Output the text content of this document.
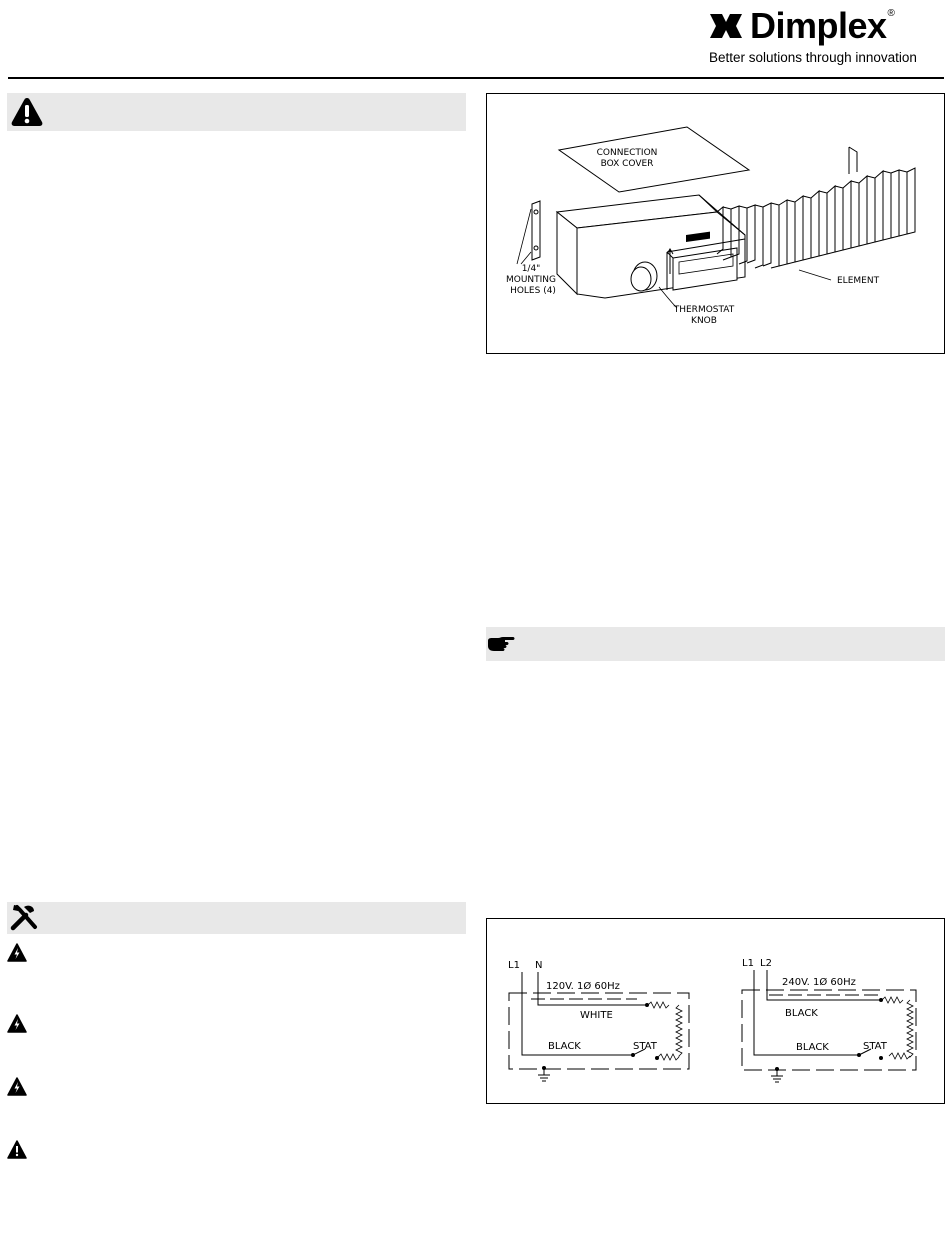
Dimplex ®
Better solutions through innovation
CONNECTION
BOX COVER
DIMPLEX
1/4"
MOUNTING
HOLES (4)
THERMOSTAT
KNOB
ELEMENT
L1 N
120V. 1Ø 60Hz
WHITE
BLACK	STAT
L1 L2
240V. 1Ø 60Hz
BLACK
BLACK	STAT
